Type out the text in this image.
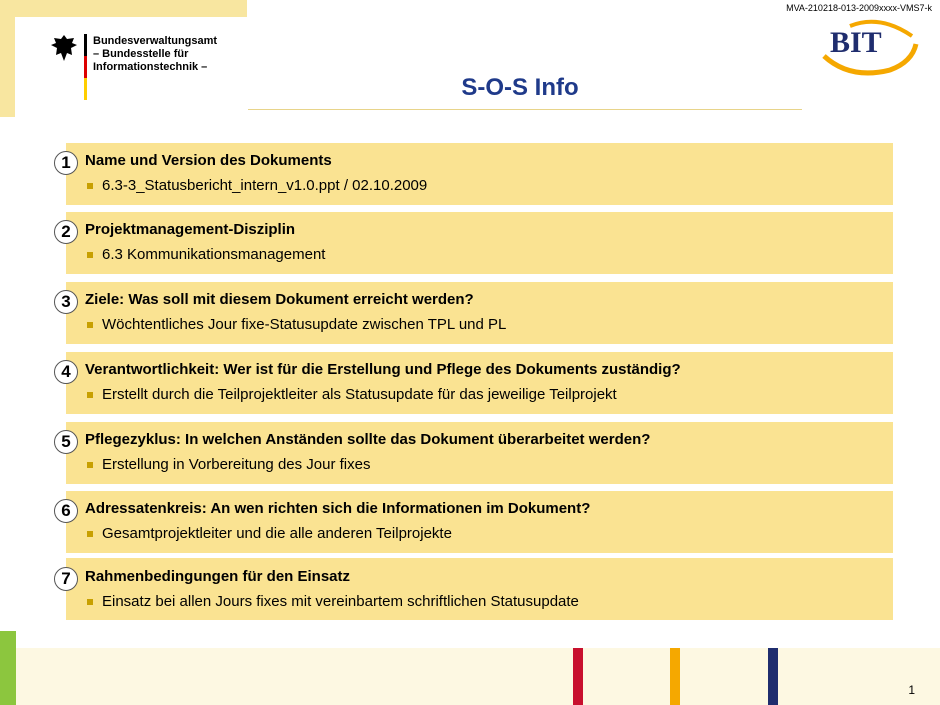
MVA-210218-013-2009xxxx-VMS7-k
Bundesverwaltungsamt
– Bundesstelle für
Informationstechnik –
BIT
S-O-S Info
1 Name und Version des Dokuments
6.3-3_Statusbericht_intern_v1.0.ppt / 02.10.2009
2 Projektmanagement-Disziplin
6.3 Kommunikationsmanagement
3 Ziele: Was soll mit diesem Dokument erreicht werden?
Wöchtentliches Jour fixe-Statusupdate zwischen TPL und PL
4 Verantwortlichkeit: Wer ist für die Erstellung und Pflege des Dokuments zuständig?
Erstellt durch die Teilprojektleiter als Statusupdate für das jeweilige Teilprojekt
5 Pflegezyklus: In welchen Anständen sollte das Dokument überarbeitet werden?
Erstellung in Vorbereitung des Jour fixes
6 Adressatenkreis: An wen richten sich die Informationen im Dokument?
Gesamtprojektleiter und die alle anderen Teilprojekte
7 Rahmenbedingungen für den Einsatz
Einsatz bei allen Jours fixes mit vereinbartem schriftlichen Statusupdate
1
